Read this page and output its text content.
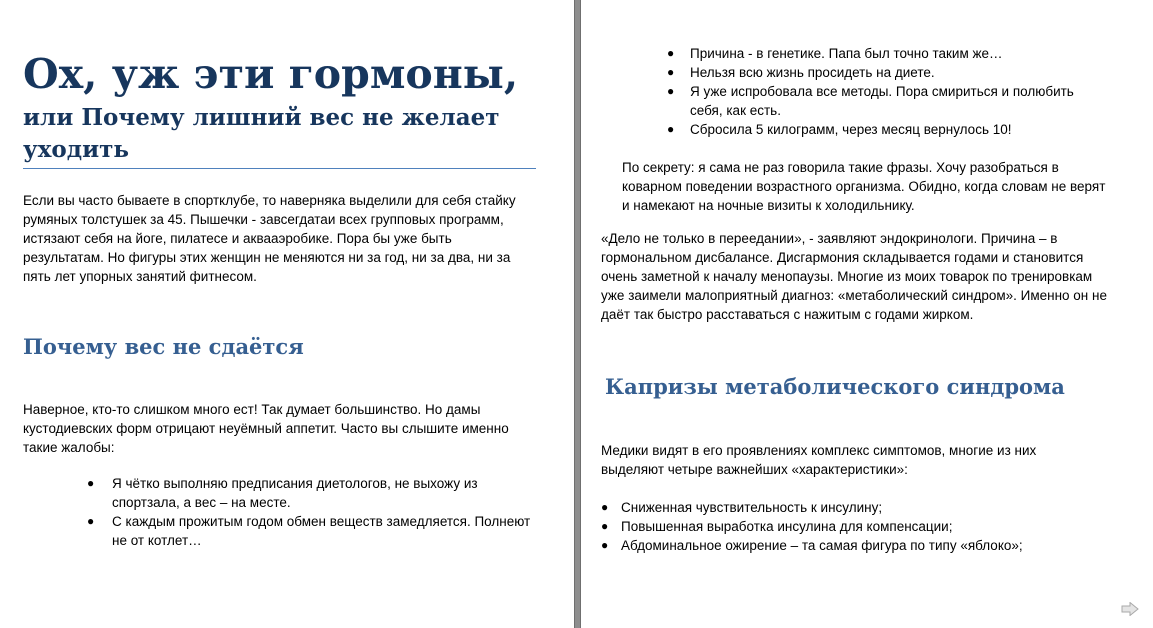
Ох, уж эти гормоны,
или Почему лишний вес не желает уходить

Если вы часто бываете в спортклубе, то наверняка выделили для себя стайку румяных толстушек за 45. Пышечки - завсегдатаи всех групповых программ, истязают себя на йоге, пилатесе и аквааэробике. Пора бы уже быть результатам. Но фигуры этих женщин не меняются ни за год, ни за два, ни за пять лет упорных занятий фитнесом.

Почему вес не сдаётся

Наверное, кто-то слишком много ест! Так думает большинство. Но дамы кустодиевских форм отрицают неуёмный аппетит. Часто вы слышите именно такие жалобы:

● Я чётко выполняю предписания диетологов, не выхожу из спортзала, а вес – на месте.
● С каждым прожитым годом обмен веществ замедляется. Полнеют не от котлет…
● Причина - в генетике. Папа был точно таким же…
● Нельзя всю жизнь просидеть на диете.
● Я уже испробовала все методы. Пора смириться и полюбить себя, как есть.
● Сбросила 5 килограмм, через месяц вернулось 10!

По секрету: я сама не раз говорила такие фразы. Хочу разобраться в коварном поведении возрастного организма. Обидно, когда словам не верят и намекают на ночные визиты к холодильнику.

«Дело не только в переедании», - заявляют эндокринологи. Причина – в гормональном дисбалансе. Дисгармония складывается годами и становится очень заметной к началу менопаузы. Многие из моих товарок по тренировкам уже заимели малоприятный диагноз: «метаболический синдром». Именно он не даёт так быстро расставаться с нажитым с годами жирком.

Капризы метаболического синдрома

Медики видят в его проявлениях комплекс симптомов, многие из них выделяют четыре важнейших «характеристики»:

● Сниженная чувствительность к инсулину;
● Повышенная выработка инсулина для компенсации;
● Абдоминальное ожирение – та самая фигура по типу «яблоко»;
